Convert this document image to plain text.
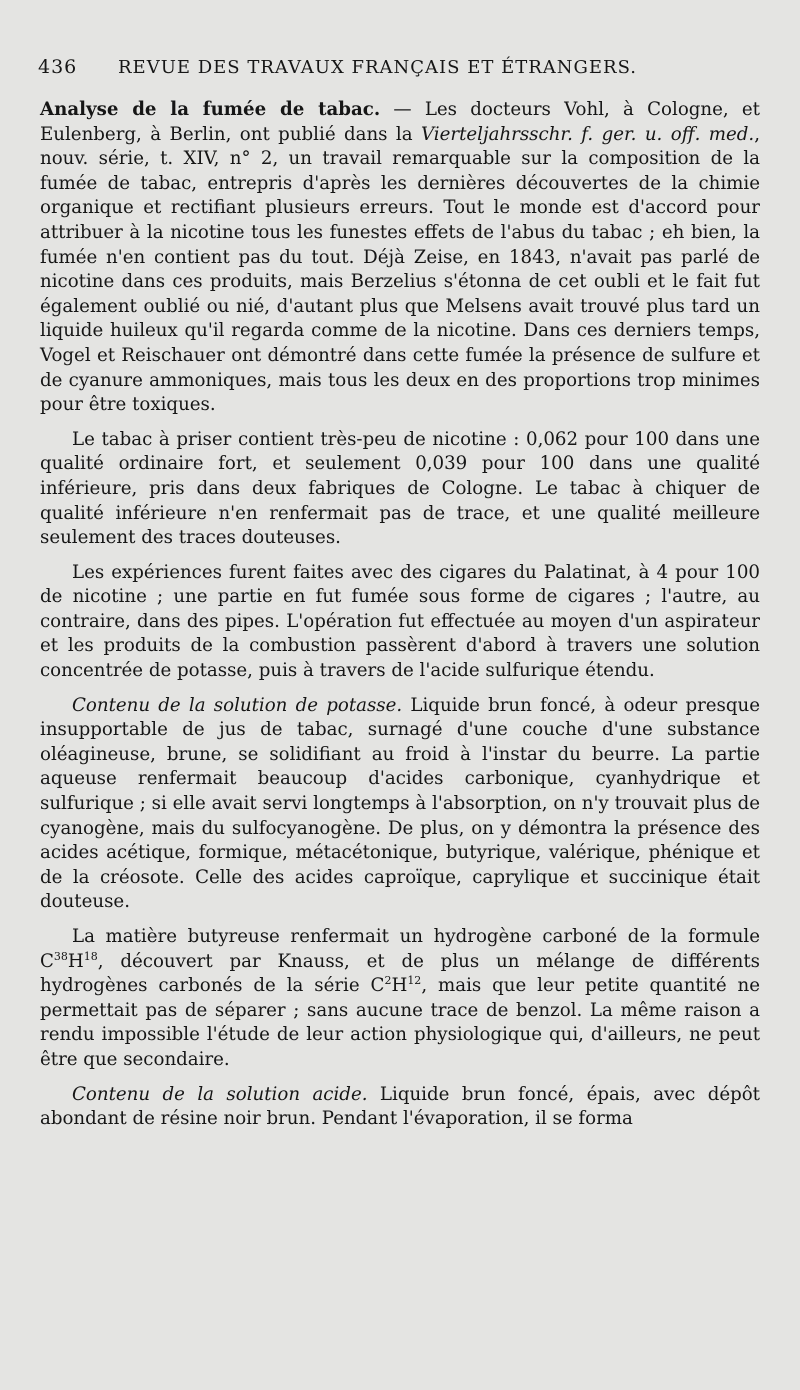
436	REVUE DES TRAVAUX FRANÇAIS ET ÉTRANGERS.

Analyse de la fumée de tabac. — Les docteurs Vohl, à Cologne, et Eulenberg, à Berlin, ont publié dans la Vierteljahrsschr. f. ger. u. off. med., nouv. série, t. XIV, n° 2, un travail remarquable sur la composition de la fumée de tabac, entrepris d'après les dernières découvertes de la chimie organique et rectifiant plusieurs erreurs. Tout le monde est d'accord pour attribuer à la nicotine tous les funestes effets de l'abus du tabac ; eh bien, la fumée n'en contient pas du tout. Déjà Zeise, en 1843, n'avait pas parlé de nicotine dans ces produits, mais Berzelius s'étonna de cet oubli et le fait fut également oublié ou nié, d'autant plus que Melsens avait trouvé plus tard un liquide huileux qu'il regarda comme de la nicotine. Dans ces derniers temps, Vogel et Reischauer ont démontré dans cette fumée la présence de sulfure et de cyanure ammoniques, mais tous les deux en des proportions trop minimes pour être toxiques.

Le tabac à priser contient très-peu de nicotine : 0,062 pour 100 dans une qualité ordinaire fort, et seulement 0,039 pour 100 dans une qualité inférieure, pris dans deux fabriques de Cologne. Le tabac à chiquer de qualité inférieure n'en renfermait pas de trace, et une qualité meilleure seulement des traces douteuses.

Les expériences furent faites avec des cigares du Palatinat, à 4 pour 100 de nicotine ; une partie en fut fumée sous forme de cigares ; l'autre, au contraire, dans des pipes. L'opération fut effectuée au moyen d'un aspirateur et les produits de la combustion passèrent d'abord à travers une solution concentrée de potasse, puis à travers de l'acide sulfurique étendu.

Contenu de la solution de potasse. Liquide brun foncé, à odeur presque insupportable de jus de tabac, surnagé d'une couche d'une substance oléagineuse, brune, se solidifiant au froid à l'instar du beurre. La partie aqueuse renfermait beaucoup d'acides carbonique, cyanhydrique et sulfurique ; si elle avait servi longtemps à l'absorption, on n'y trouvait plus de cyanogène, mais du sulfocyanogène. De plus, on y démontra la présence des acides acétique, formique, métacétonique, butyrique, valérique, phénique et de la créosote. Celle des acides caproïque, caprylique et succinique était douteuse.

La matière butyreuse renfermait un hydrogène carboné de la formule $C^{38}H^{18}$, découvert par Knauss, et de plus un mélange de différents hydrogènes carbonés de la série $C^2H^{12}$, mais que leur petite quantité ne permettait pas de séparer ; sans aucune trace de benzol. La même raison a rendu impossible l'étude de leur action physiologique qui, d'ailleurs, ne peut être que secondaire.

Contenu de la solution acide. Liquide brun foncé, épais, avec dépôt abondant de résine noir brun. Pendant l'évaporation, il se forma
